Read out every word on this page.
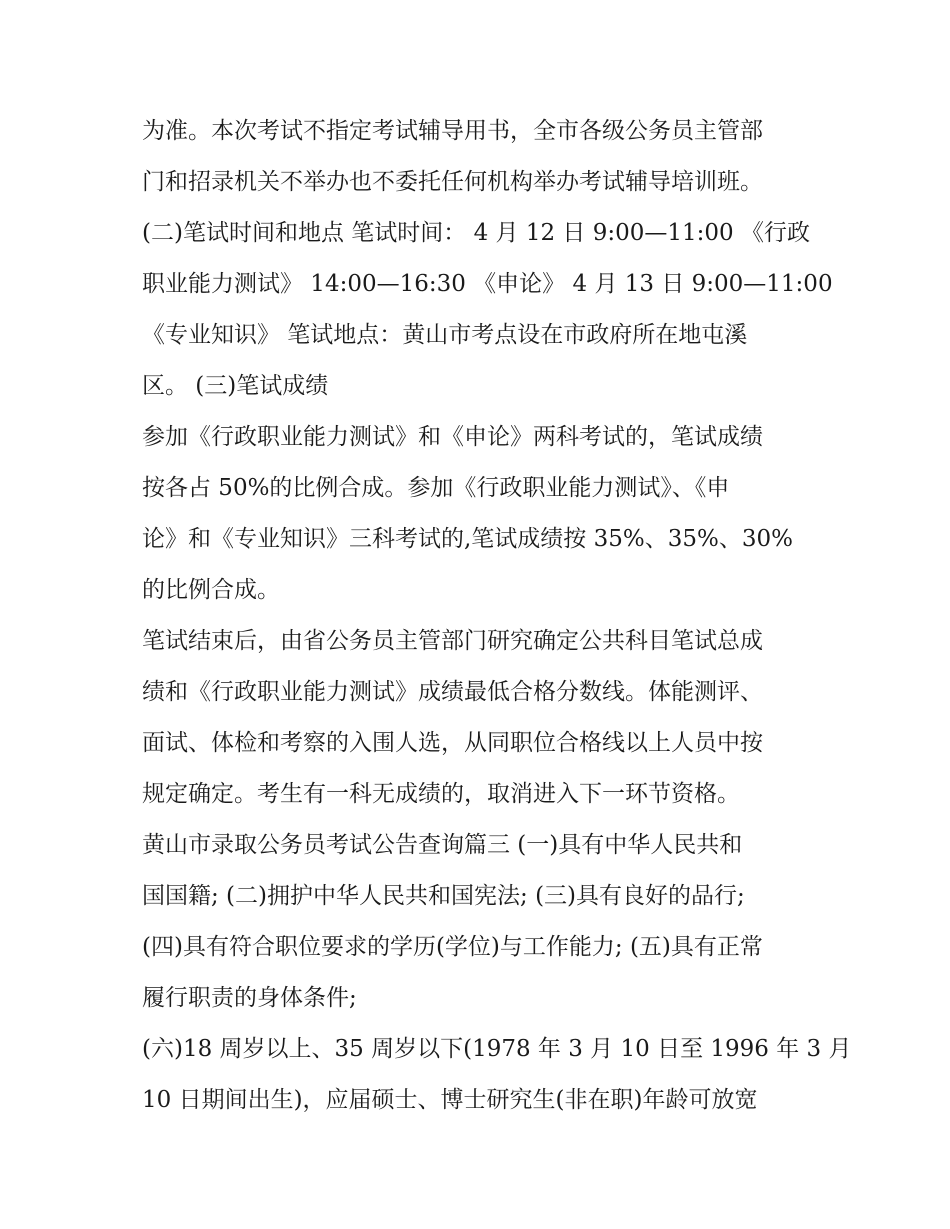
为准。本次考试不指定考试辅导用书，全市各级公务员主管部
门和招录机关不举办也不委托任何机构举办考试辅导培训班。
(二)笔试时间和地点 笔试时间： 4 月 12 日 9:00—11:00 《行政
职业能力测试》 14:00—16:30 《申论》 4 月 13 日 9:00—11:00
《专业知识》 笔试地点：黄山市考点设在市政府所在地屯溪
区。 (三)笔试成绩
参加《行政职业能力测试》和《申论》两科考试的，笔试成绩
按各占 50%的比例合成。参加《行政职业能力测试》、《申
论》和《专业知识》三科考试的,笔试成绩按 35%、35%、30%
的比例合成。
笔试结束后，由省公务员主管部门研究确定公共科目笔试总成
绩和《行政职业能力测试》成绩最低合格分数线。体能测评、
面试、体检和考察的入围人选，从同职位合格线以上人员中按
规定确定。考生有一科无成绩的，取消进入下一环节资格。
黄山市录取公务员考试公告查询篇三 (一)具有中华人民共和
国国籍; (二)拥护中华人民共和国宪法; (三)具有良好的品行;
(四)具有符合职位要求的学历(学位)与工作能力; (五)具有正常
履行职责的身体条件;
(六)18 周岁以上、35 周岁以下(1978 年 3 月 10 日至 1996 年 3 月
10 日期间出生)，应届硕士、博士研究生(非在职)年龄可放宽
